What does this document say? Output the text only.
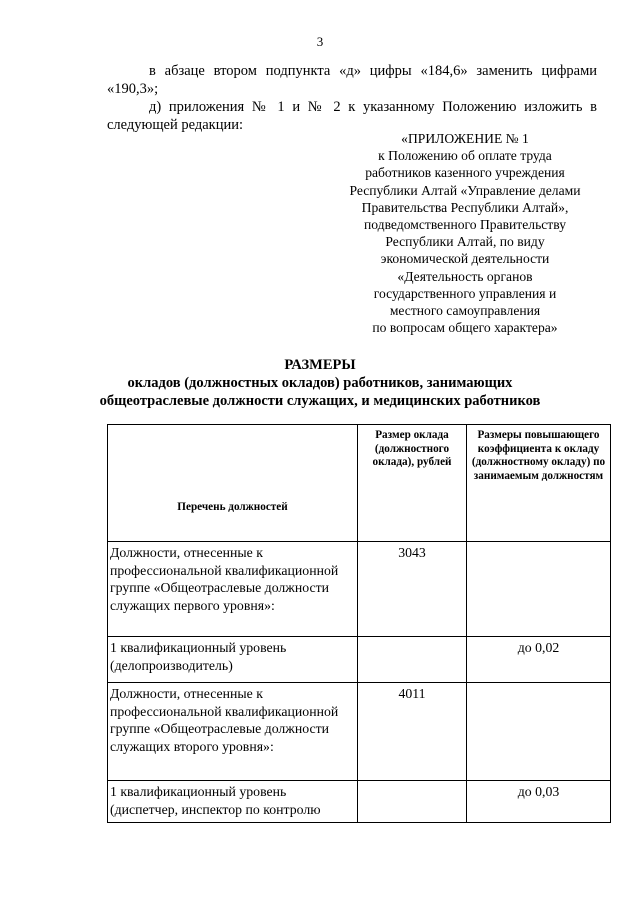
3
в абзаце втором подпункта «д» цифры «184,6» заменить цифрами «190,3»;
д) приложения № 1 и № 2 к указанному Положению изложить в следующей редакции:
«ПРИЛОЖЕНИЕ № 1
к Положению об оплате труда
работников казенного учреждения
Республики Алтай «Управление делами
Правительства Республики Алтай»,
подведомственного Правительству
Республики Алтай, по виду
экономической деятельности
«Деятельность органов
государственного управления и
местного самоуправления
по вопросам общего характера»
РАЗМЕРЫ
окладов (должностных окладов) работников, занимающих
общеотраслевые должности служащих, и медицинских работников
Перечень должностей	Размер оклада (должностного оклада), рублей	Размеры повышающего коэффициента к окладу (должностному окладу) по занимаемым должностям

Должности, отнесенные к профессиональной квалификационной группе «Общеотраслевые должности служащих первого уровня»:	3043	
1 квалификационный уровень (делопроизводитель)		до 0,02
Должности, отнесенные к профессиональной квалификационной группе «Общеотраслевые должности служащих второго уровня»:	4011	
1 квалификационный уровень (диспетчер, инспектор по контролю		до 0,03
